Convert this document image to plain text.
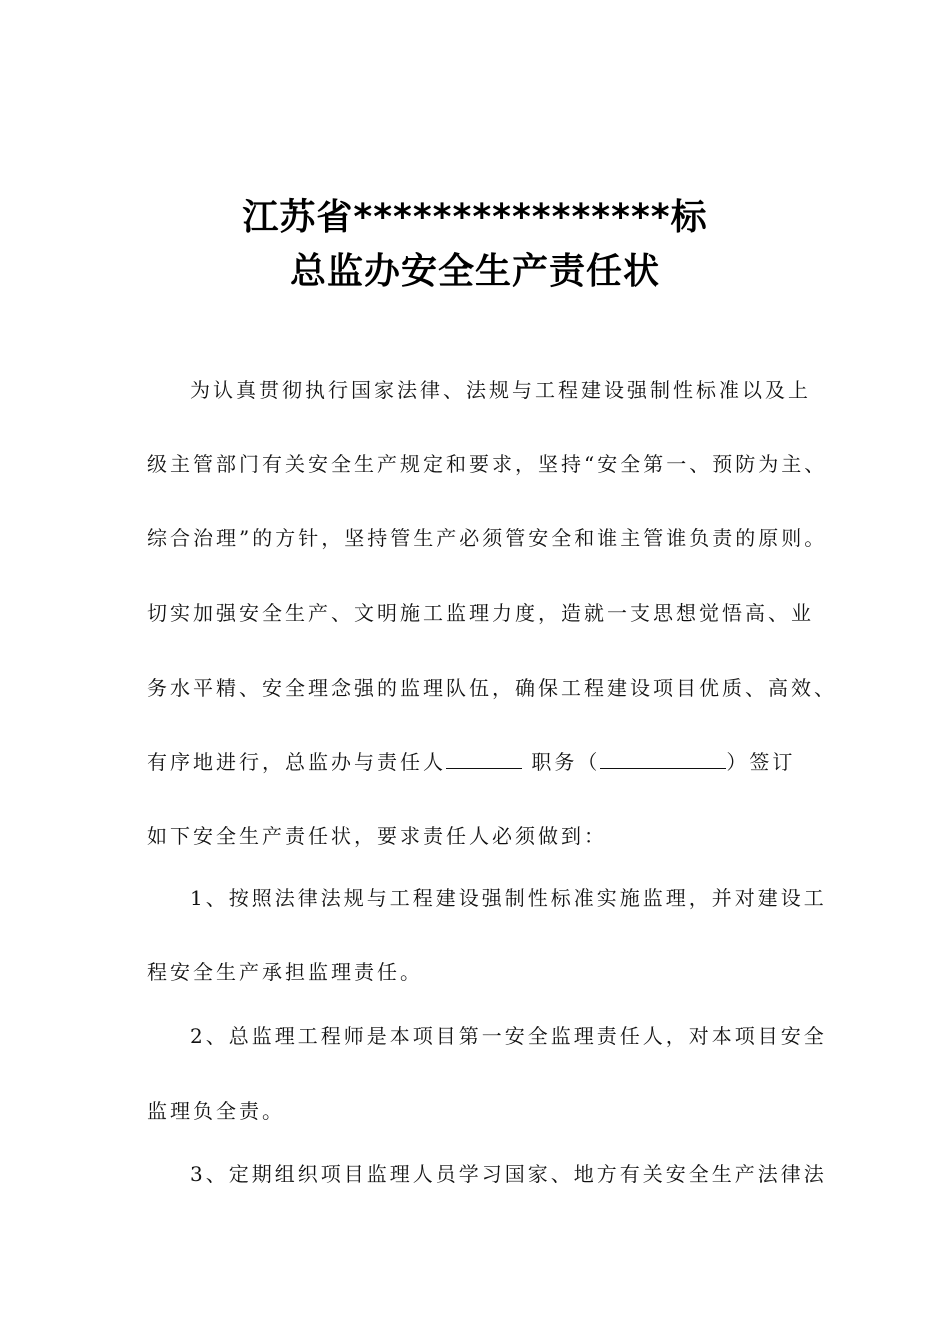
江苏省****************标
总监办安全生产责任状
为认真贯彻执行国家法律、法规与工程建设强制性标准以及上
级主管部门有关安全生产规定和要求，坚持“安全第一、预防为主、
综合治理”的方针，坚持管生产必须管安全和谁主管谁负责的原则。
切实加强安全生产、文明施工监理力度，造就一支思想觉悟高、业
务水平精、安全理念强的监理队伍，确保工程建设项目优质、高效、
有序地进行，总监办与责任人	职务（	）签订
如下安全生产责任状，要求责任人必须做到：
1、按照法律法规与工程建设强制性标准实施监理，并对建设工
程安全生产承担监理责任。
2、总监理工程师是本项目第一安全监理责任人，对本项目安全
监理负全责。
3、定期组织项目监理人员学习国家、地方有关安全生产法律法
